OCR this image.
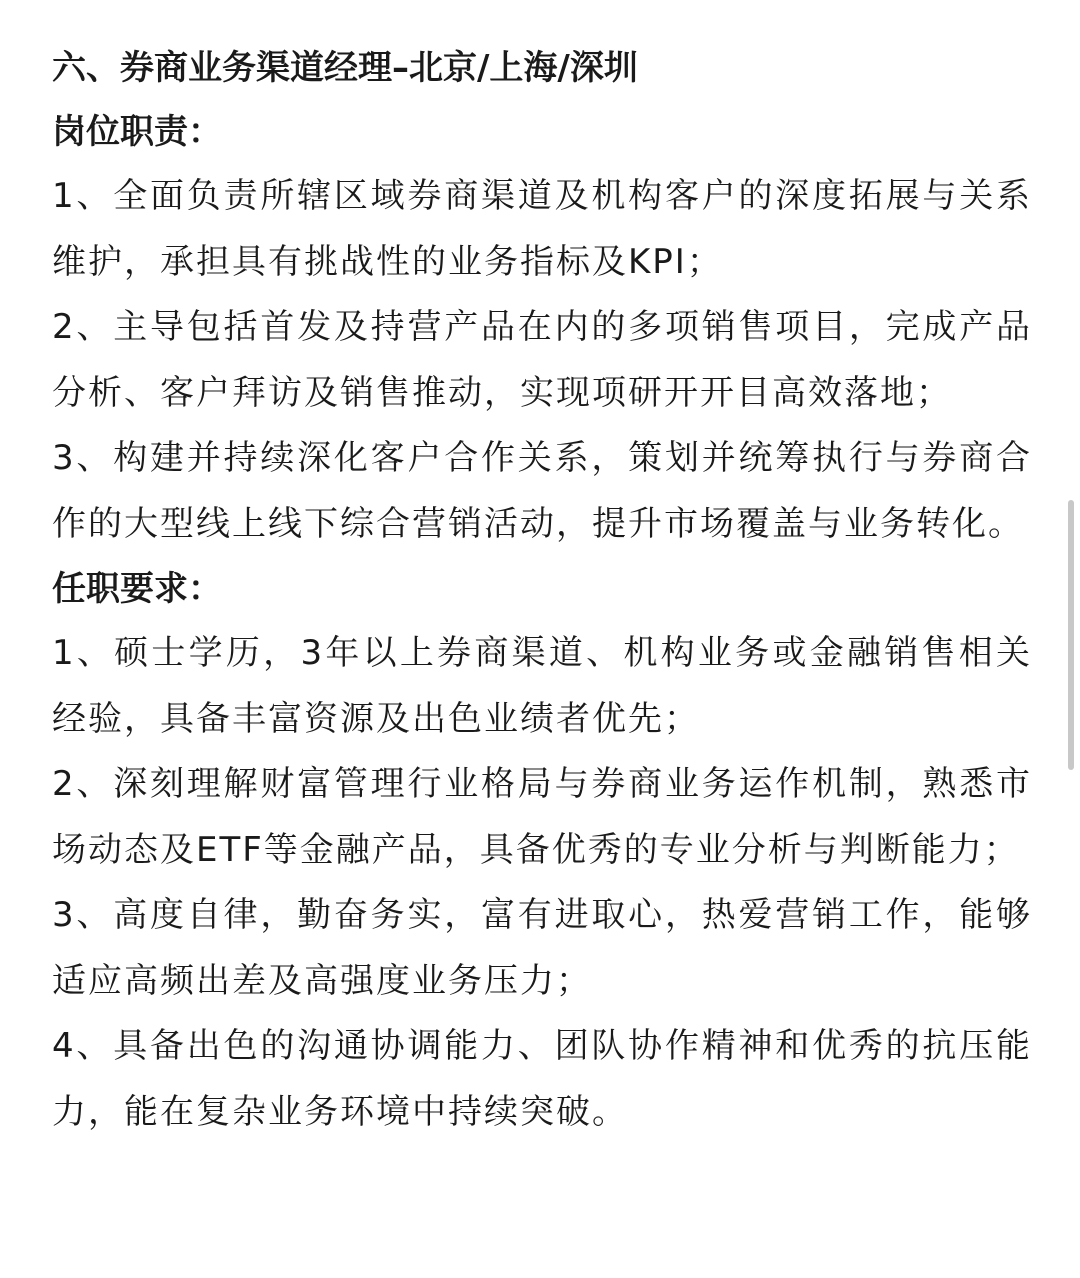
六、券商业务渠道经理–北京/上海/深圳
岗位职责：

1、全面负责所辖区域券商渠道及机构客户的深度拓展与关系维护，承担具有挑战性的业务指标及KPI；

2、主导包括首发及持营产品在内的多项销售项目，完成产品分析、客户拜访及销售推动，实现项研开开目高效落地；

3、构建并持续深化客户合作关系，策划并统筹执行与券商合作的大型线上线下综合营销活动，提升市场覆盖与业务转化。

任职要求：

1、硕士学历，3年以上券商渠道、机构业务或金融销售相关经验，具备丰富资源及出色业绩者优先；

2、深刻理解财富管理行业格局与券商业务运作机制，熟悉市场动态及ETF等金融产品，具备优秀的专业分析与判断能力；

3、高度自律，勤奋务实，富有进取心，热爱营销工作，能够适应高频出差及高强度业务压力；

4、具备出色的沟通协调能力、团队协作精神和优秀的抗压能力，能在复杂业务环境中持续突破。
